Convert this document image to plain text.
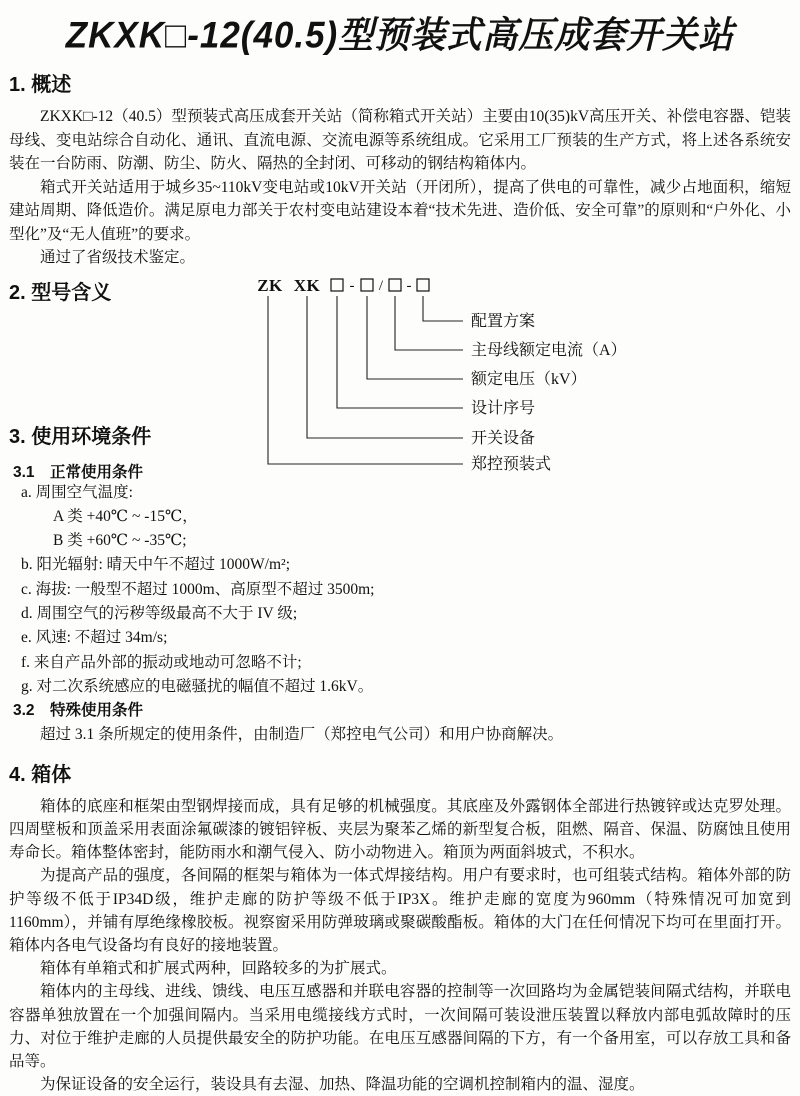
ZKXK□-12(40.5)型预装式高压成套开关站
1. 概述

ZKXK□-12（40.5）型预装式高压成套开关站（简称箱式开关站）主要由10(35)kV高压开关、补偿电容器、铠装母线、变电站综合自动化、通讯、直流电源、交流电源等系统组成。它采用工厂预装的生产方式，将上述各系统安装在一台防雨、防潮、防尘、防火、隔热的全封闭、可移动的钢结构箱体内。

箱式开关站适用于城乡35~110kV变电站或10kV开关站（开闭所），提高了供电的可靠性，减少占地面积，缩短建站周期、降低造价。满足原电力部关于农村变电站建设本着“技术先进、造价低、安全可靠”的原则和“户外化、小型化”及“无人值班”的要求。

通过了省级技术鉴定。

2. 型号含义	ZK XK - / -
配置方案
主母线额定电流（A）
额定电压（kV）
设计序号
开关设备
郑控预装式
3. 使用环境条件
3.1　正常使用条件
a. 周围空气温度:
A 类 +40℃ ~ -15℃，
B 类 +60℃ ~ -35℃;
b. 阳光辐射: 晴天中午不超过 1000W/m²;
c. 海拔: 一般型不超过 1000m、高原型不超过 3500m;
d. 周围空气的污秽等级最高不大于 IV 级;
e. 风速: 不超过 34m/s;
f. 来自产品外部的振动或地动可忽略不计;
g. 对二次系统感应的电磁骚扰的幅值不超过 1.6kV。
3.2　特殊使用条件
超过 3.1 条所规定的使用条件，由制造厂（郑控电气公司）和用户协商解决。
4. 箱体

箱体的底座和框架由型钢焊接而成，具有足够的机械强度。其底座及外露钢体全部进行热镀锌或达克罗处理。四周壁板和顶盖采用表面涂氟碳漆的镀铝锌板、夹层为聚苯乙烯的新型复合板，阻燃、隔音、保温、防腐蚀且使用寿命长。箱体整体密封，能防雨水和潮气侵入、防小动物进入。箱顶为两面斜坡式，不积水。

为提高产品的强度，各间隔的框架与箱体为一体式焊接结构。用户有要求时，也可组装式结构。箱体外部的防护等级不低于IP34D级，维护走廊的防护等级不低于IP3X。维护走廊的宽度为960mm（特殊情况可加宽到1160mm），并铺有厚绝缘橡胶板。视察窗采用防弹玻璃或聚碳酸酯板。箱体的大门在任何情况下均可在里面打开。箱体内各电气设备均有良好的接地装置。

箱体有单箱式和扩展式两种，回路较多的为扩展式。

箱体内的主母线、进线、馈线、电压互感器和并联电容器的控制等一次回路均为金属铠装间隔式结构，并联电容器单独放置在一个加强间隔内。当采用电缆接线方式时，一次间隔可装设泄压装置以释放内部电弧故障时的压力、对位于维护走廊的人员提供最安全的防护功能。在电压互感器间隔的下方，有一个备用室，可以存放工具和备品等。

为保证设备的安全运行，装设具有去湿、加热、降温功能的空调机控制箱内的温、湿度。
